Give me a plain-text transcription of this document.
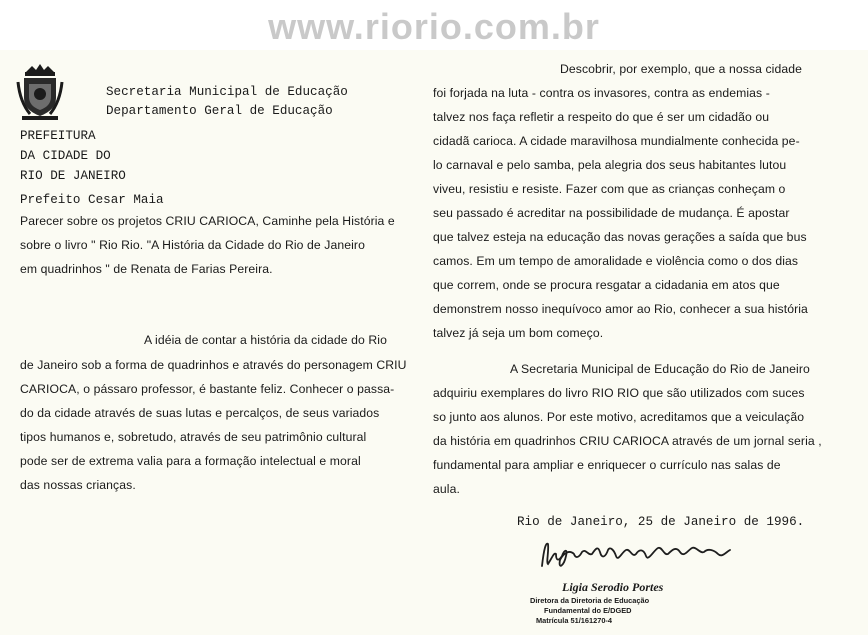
www.riorio.com.br
Secretaria Municipal de Educação
Departamento Geral de Educação
PREFEITURA
DA CIDADE DO
RIO DE JANEIRO
Prefeito Cesar Maia
Parecer sobre os projetos CRIU CARIOCA, Caminhe pela História e
sobre o livro " Rio Rio. "A História da Cidade do Rio de Janeiro
em quadrinhos " de Renata de Farias Pereira.
A idéia de contar a história da cidade do Rio
de Janeiro sob a forma de quadrinhos e através do personagem CRIU
CARIOCA, o pássaro professor, é bastante feliz. Conhecer o passa-
do da cidade através de suas lutas e percalços, de seus variados
tipos humanos e, sobretudo, através de seu patrimônio cultural
pode ser de extrema valia para a formação intelectual e moral
das nossas crianças.
Descobrir, por exemplo, que a nossa cidade
foi forjada na luta - contra os invasores, contra as endemias -
talvez nos faça refletir a respeito do que é ser um cidadão ou
cidadã carioca. A cidade maravilhosa mundialmente conhecida pe-
lo carnaval e pelo samba, pela alegria dos seus habitantes lutou
viveu, resistiu e resiste. Fazer com que as crianças conheçam o
seu passado é acreditar na possibilidade de mudança. É apostar
que talvez esteja na educação das novas gerações a saída que bus
camos. Em um tempo de amoralidade e violência como o dos dias
que correm, onde se procura resgatar a cidadania em atos que
demonstrem nosso inequívoco amor ao Rio, conhecer a sua história
talvez já seja um bom começo.
A Secretaria Municipal de Educação do Rio de Janeiro
adquiriu exemplares do livro RIO RIO que são utilizados com suces
so junto aos alunos. Por este motivo, acreditamos que a veiculação
da história em quadrinhos CRIU CARIOCA através de um jornal seria ,
fundamental para ampliar e enriquecer o currículo nas salas de
aula.
Rio de Janeiro, 25 de Janeiro de 1996.
Ligia Serodio Portes
Diretora da Diretoria de Educação
Fundamental do E/DGED
Matrícula 51/161270-4
